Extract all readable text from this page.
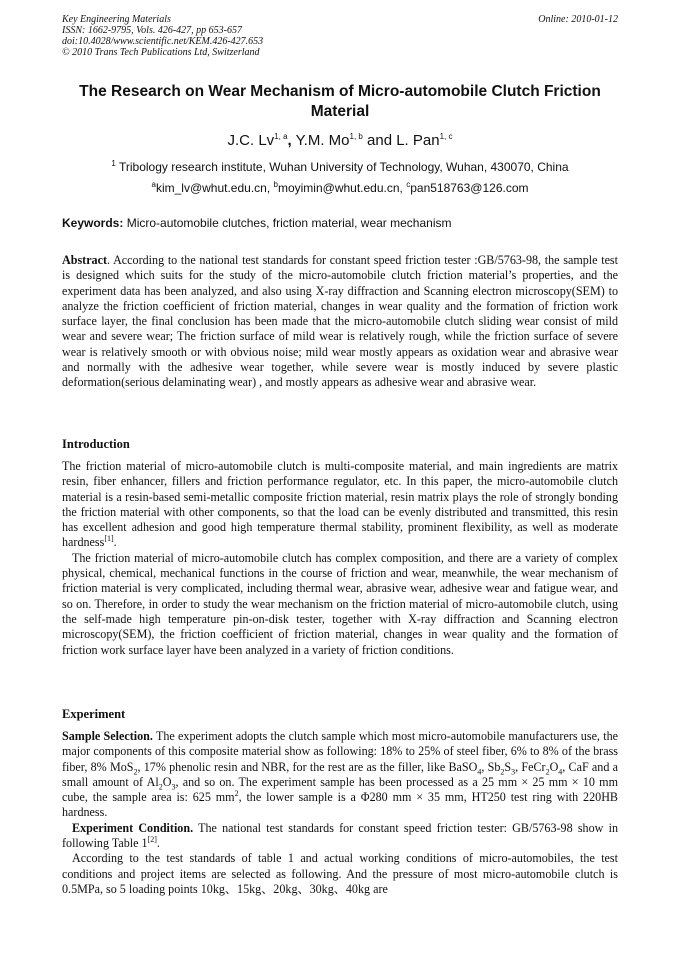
Key Engineering Materials
ISSN: 1662-9795, Vols. 426-427, pp 653-657
doi:10.4028/www.scientific.net/KEM.426-427.653
© 2010 Trans Tech Publications Ltd, Switzerland
Online: 2010-01-12
The Research on Wear Mechanism of Micro-automobile Clutch Friction Material
J.C. Lv$^{1, a}$, Y.M. Mo$^{1, b}$ and L. Pan$^{1, c}$
$^1$ Tribology research institute, Wuhan University of Technology, Wuhan, 430070, China
$^a$kim_lv@whut.edu.cn, $^b$moyimin@whut.edu.cn, $^c$pan518763@126.com
Keywords: Micro-automobile clutches, friction material, wear mechanism

Abstract. According to the national test standards for constant speed friction tester :GB/5763-98, the sample test is designed which suits for the study of the micro-automobile clutch friction material’s properties, and the experiment data has been analyzed, and also using X-ray diffraction and Scanning electron microscopy(SEM) to analyze the friction coefficient of friction material, changes in wear quality and the formation of friction work surface layer, the final conclusion has been made that the micro-automobile clutch sliding wear consist of mild wear and severe wear; The friction surface of mild wear is relatively rough, while the friction surface of severe wear is relatively smooth or with obvious noise; mild wear mostly appears as oxidation wear and abrasive wear and normally with the adhesive wear together, while severe wear is mostly induced by severe plastic deformation(serious delaminating wear) , and mostly appears as adhesive wear and abrasive wear.

Introduction

The friction material of micro-automobile clutch is multi-composite material, and main ingredients are matrix resin, fiber enhancer, fillers and friction performance regulator, etc. In this paper, the micro-automobile clutch material is a resin-based semi-metallic composite friction material, resin matrix plays the role of strongly bonding the friction material with other components, so that the load can be evenly distributed and transmitted, this resin has excellent adhesion and good high temperature thermal stability, prominent flexibility, as well as moderate hardness[1].

The friction material of micro-automobile clutch has complex composition, and there are a variety of complex physical, chemical, mechanical functions in the course of friction and wear, meanwhile, the wear mechanism of friction material is very complicated, including thermal wear, abrasive wear, adhesive wear and fatigue wear, and so on. Therefore, in order to study the wear mechanism on the friction material of micro-automobile clutch, using the self-made high temperature pin-on-disk tester, together with X-ray diffraction and Scanning electron microscopy(SEM), the friction coefficient of friction material, changes in wear quality and the formation of friction work surface layer have been analyzed in a variety of friction conditions.

Experiment

Sample Selection. The experiment adopts the clutch sample which most micro-automobile manufacturers use, the major components of this composite material show as following: 18% to 25% of steel fiber, 6% to 8% of the brass fiber, 8% MoS$_2$, 17% phenolic resin and NBR, for the rest are as the filler, like BaSO$_4$, $Sb_2S_3$, $FeCr_2O_4$, CaF and a small amount of $Al_2O_3$, and so on. The experiment sample has been processed as a 25 mm × 25 mm × 10 mm cube, the sample area is: 625 $mm^2$, the lower sample is a Φ280 mm × 35 mm, HT250 test ring with 220HB hardness.

Experiment Condition. The national test standards for constant speed friction tester: GB/5763-98 show in following Table 1[2].

According to the test standards of table 1 and actual working conditions of micro-automobiles, the test conditions and project items are selected as following. And the pressure of most micro-automobile clutch is 0.5MPa, so 5 loading points 10kg、15kg、20kg、30kg、40kg are
